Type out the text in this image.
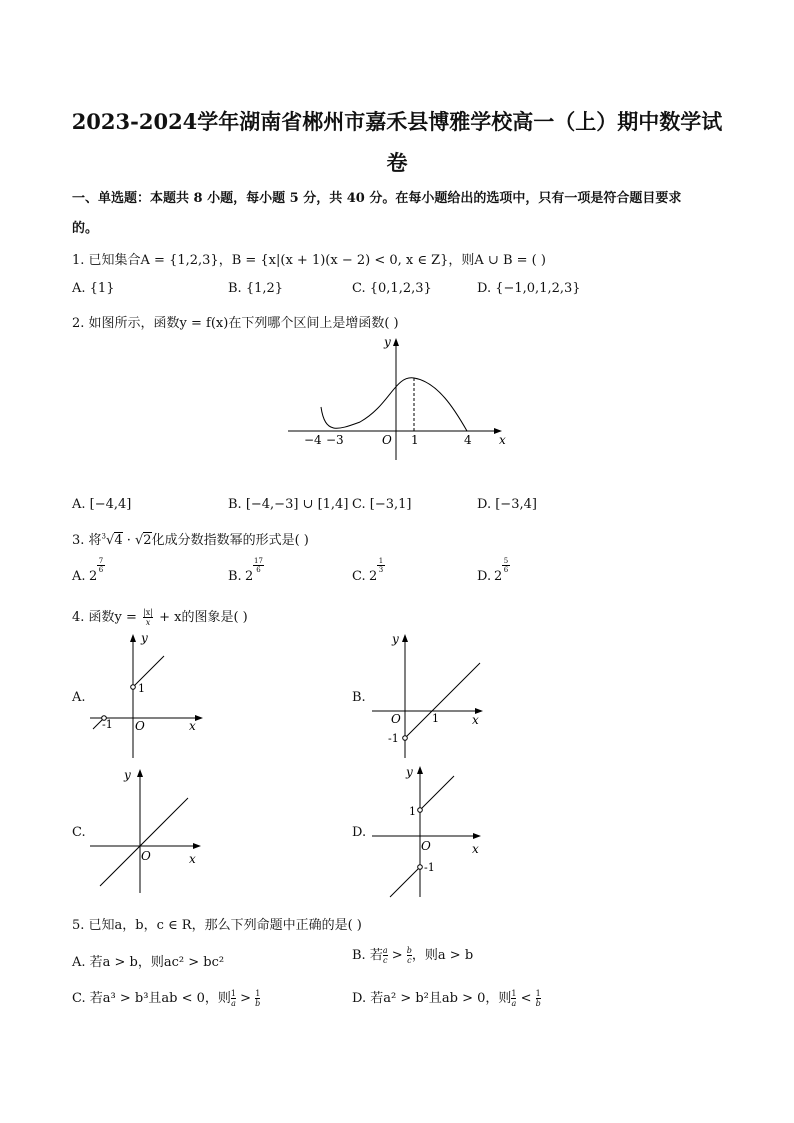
2023-2024学年湖南省郴州市嘉禾县博雅学校高一（上）期中数学试
卷
一、单选题：本题共 8 小题，每小题 5 分，共 40 分。在每小题给出的选项中，只有一项是符合题目要求
的。
1. 已知集合A = {1,2,3}，B = {x|(x + 1)(x − 2) < 0, x ∈ Z}，则A ∪ B = ( )
A. {1}	B. {1,2}	C. {0,1,2,3}	D. {−1,0,1,2,3}
2. 如图所示，函数y = f(x)在下列哪个区间上是增函数( )
y
x
O
−4 −3	1	4
A. [−4,4]	B. [−4,−3] ∪ [1,4] C. [−3,1]	D. [−3,4]
3. 将$^3$√4 · √2化成分数指数幂的形式是( )
A. 2
7
6	B. 2
17
6	C. 2
1
3	D. 2
5
6
4. 函数$y = \frac{|x|}{x} + x$的图象是( )
A.
y
x
O
1
-1
B.
y
x
O	1
-1
C.
y
x
O
D.
y
x
O
1
-1
5. 已知a，b，c ∈ R，那么下列命题中正确的是( )
A. 若a > b，则ac² > bc²	B. 若 $\frac{a}{c} > \frac{b}{c}$ ，则a > b
C. 若a³ > b³且ab < 0，则 $\frac{1}{a} > \frac{1}{b}$	D. 若a² > b²且ab > 0，则 $\frac{1}{a} < \frac{1}{b}$
